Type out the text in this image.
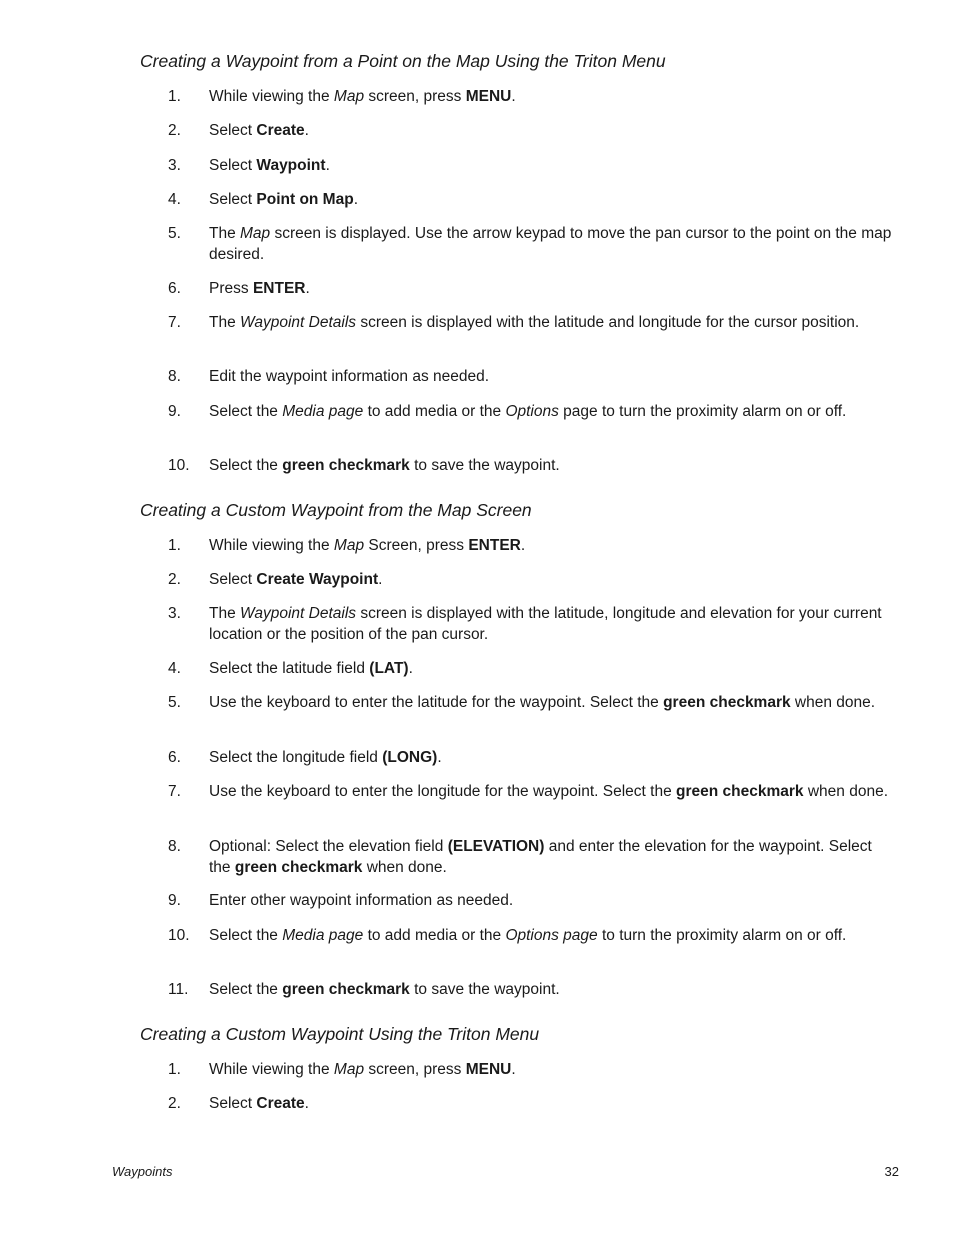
Creating a Waypoint from a Point on the Map Using the Triton Menu
1.	While viewing the Map screen, press MENU.
2.	Select Create.
3.	Select Waypoint.
4.	Select Point on Map.
5.	The Map screen is displayed. Use the arrow keypad to move the pan cursor to the point on the map desired.
6.	Press ENTER.
7.	The Waypoint Details screen is displayed with the latitude and longitude for the cursor position.
8.	Edit the waypoint information as needed.
9.	Select the Media page to add media or the Options page to turn the proximity alarm on or off.
10.	Select the green checkmark to save the waypoint.
Creating a Custom Waypoint from the Map Screen
1.	While viewing the Map Screen, press ENTER.
2.	Select Create Waypoint.
3.	The Waypoint Details screen is displayed with the latitude, longitude and elevation for your current location or the position of the pan cursor.
4.	Select the latitude field (LAT).
5.	Use the keyboard to enter the latitude for the waypoint. Select the green checkmark when done.
6.	Select the longitude field (LONG).
7.	Use the keyboard to enter the longitude for the waypoint. Select the green checkmark when done.
8.	Optional: Select the elevation field (ELEVATION) and enter the elevation for the waypoint. Select the green checkmark when done.
9.	Enter other waypoint information as needed.
10.	Select the Media page to add media or the Options page to turn the proximity alarm on or off.
11.	Select the green checkmark to save the waypoint.
Creating a Custom Waypoint Using the Triton Menu
1.	While viewing the Map screen, press MENU.
2.	Select Create.
Waypoints	32
